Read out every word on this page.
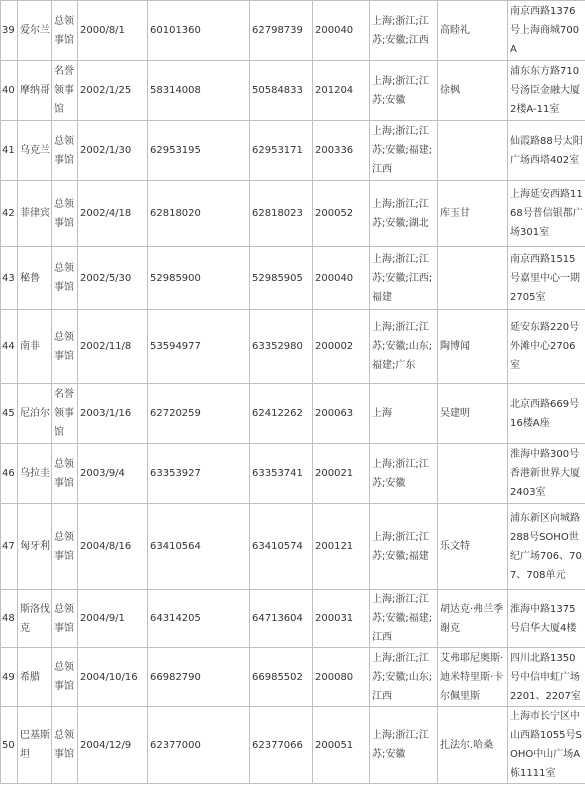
39	爱尔兰	总领事馆	2000/8/1	60101360	62798739	200040	上海;浙江;江苏;安徽;江西	高睦礼	南京西路1376号上海商城700A
40	摩纳哥	名誉领事馆	2002/1/25	58314008	50584833	201204	上海;浙江;江苏;安徽	徐枫	浦东东方路710号汤臣金融大厦2楼A-11室
41	乌克兰	总领事馆	2002/1/30	62953195	62953171	200336	上海;浙江;江苏;安徽;福建;江西		仙霞路88号太阳广场西塔402室
42	菲律宾	总领事馆	2002/4/18	62818020	62818023	200052	上海;浙江;江苏;安徽;湖北	库玉甘	上海延安西路1168号普信银都广场301室
43	秘鲁	总领事馆	2002/5/30	52985900	52985905	200040	上海;浙江;江苏;安徽;江西;福建		南京西路1515号嘉里中心一期2705室
44	南非	总领事馆	2002/11/8	53594977	63352980	200002	上海;浙江;江苏;安徽;山东;福建;广东	陶博闻	延安东路220号外滩中心2706室
45	尼泊尔	名誉领事馆	2003/1/16	62720259	62412262	200063	上海	吴建明	北京西路669号16楼A座
46	乌拉圭	总领事馆	2003/9/4	63353927	63353741	200021	上海;浙江;江苏;安徽		淮海中路300号香港新世界大厦2403室
47	匈牙利	总领事馆	2004/8/16	63410564	63410574	200121	上海;浙江;江苏;安徽;福建	乐文特	浦东新区向城路288号SOHO世纪广场706、707、708单元
48	斯洛伐克	总领事馆	2004/9/1	64314205	64713604	200031	上海;浙江;江苏;安徽;福建;江西	胡达克·弗兰季谢克	淮海中路1375号启华大厦4楼
49	希腊	总领事馆	2004/10/16	66982790	66985502	200080	上海;浙江;江苏;安徽;山东;江西	艾弗耶尼奥斯·迪米特里斯·卡尔佩里斯	四川北路1350号中信申虹广场2201、2207室
50	巴基斯坦	总领事馆	2004/12/9	62377000	62377066	200051	上海;浙江;江苏;安徽	扎法尔.哈桑	上海市长宁区中山西路1055号SOHO中山广场A栋1111室
